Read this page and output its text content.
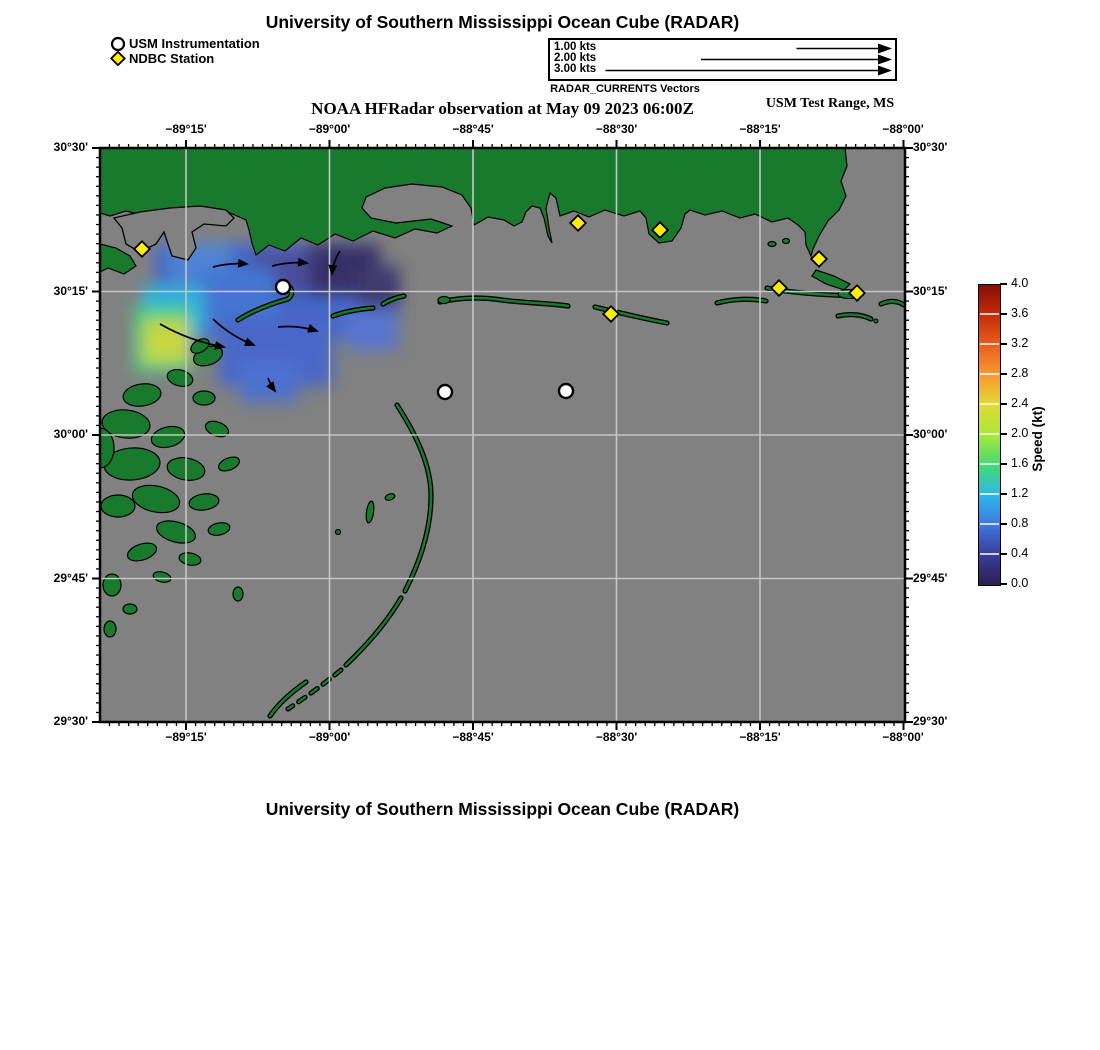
University of Southern Mississippi Ocean Cube (RADAR)
USM Instrumentation
NDBC Station
1.00 kts
2.00 kts
3.00 kts
RADAR_CURRENTS Vectors
NOAA HFRadar observation at May 09 2023 06:00Z	USM Test Range, MS
Speed (kt)
University of Southern Mississippi Ocean Cube (RADAR)
−89°15'
−89°15'
−89°00'
−89°00'
−88°45'
−88°45'
−88°30'
−88°30'
−88°15'
−88°15'
−88°00'
−88°00'
30°30'	30°30'
30°15'	30°15'
30°00'	30°00'
29°45'	29°45'
29°30'	29°30'
0.0
0.4
0.8
1.2
1.6
2.0
2.4
2.8
3.2
3.6
4.0
